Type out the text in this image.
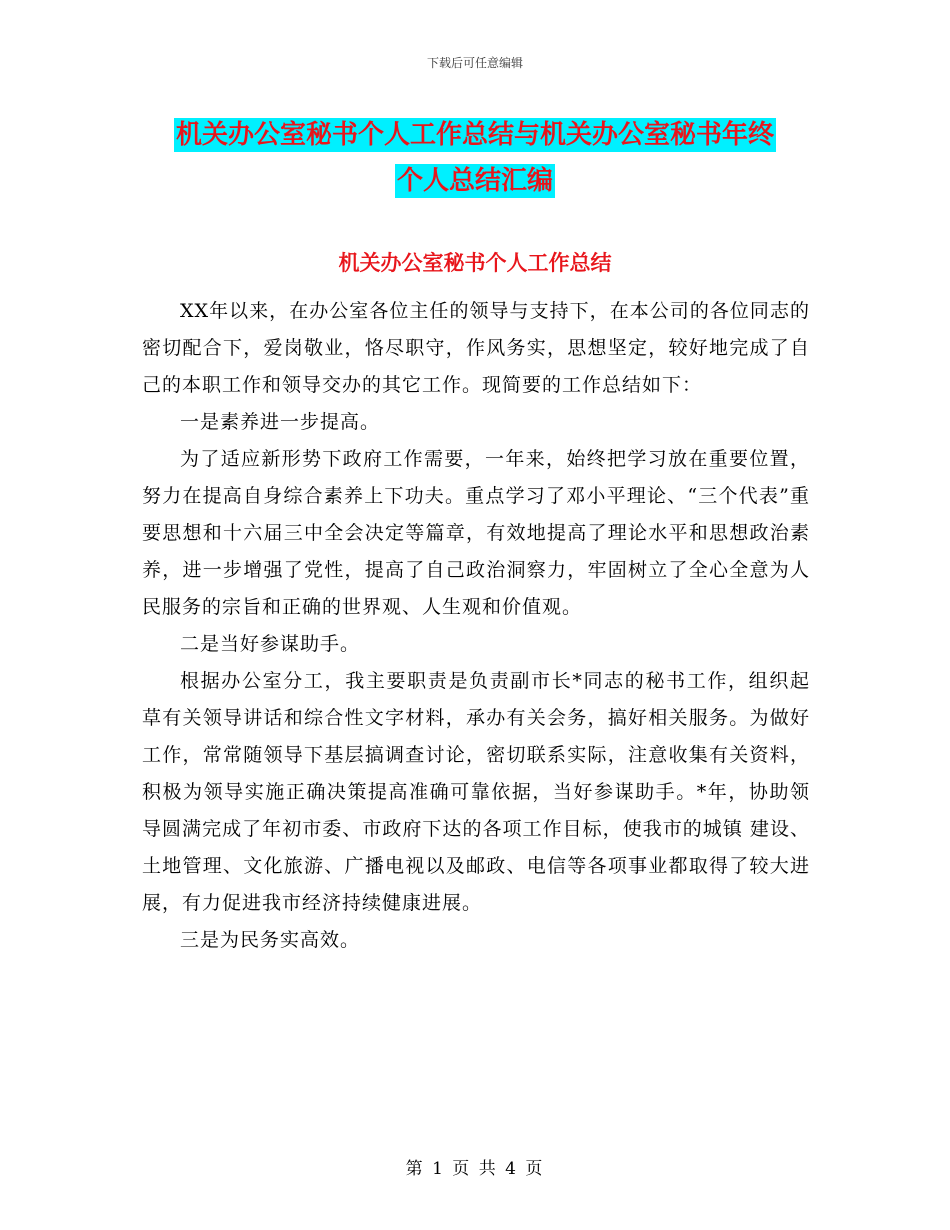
下载后可任意编辑
机关办公室秘书个人工作总结与机关办公室秘书年终
个人总结汇编
机关办公室秘书个人工作总结

XX年以来，在办公室各位主任的领导与支持下，在本公司的各位同志的密切配合下，爱岗敬业，恪尽职守，作风务实，思想坚定，较好地完成了自己的本职工作和领导交办的其它工作。现简要的工作总结如下：

一是素养进一步提高。

为了适应新形势下政府工作需要，一年来，始终把学习放在重要位置，努力在提高自身综合素养上下功夫。重点学习了邓小平理论、“三个代表”重要思想和十六届三中全会决定等篇章，有效地提高了理论水平和思想政治素养，进一步增强了党性，提高了自己政治洞察力，牢固树立了全心全意为人民服务的宗旨和正确的世界观、人生观和价值观。

二是当好参谋助手。

根据办公室分工，我主要职责是负责副市长*同志的秘书工作，组织起草有关领导讲话和综合性文字材料，承办有关会务，搞好相关服务。为做好工作，常常随领导下基层搞调查讨论，密切联系实际，注意收集有关资料，积极为领导实施正确决策提高准确可靠依据，当好参谋助手。*年，协助领导圆满完成了年初市委、市政府下达的各项工作目标，使我市的城镇 建设、土地管理、文化旅游、广播电视以及邮政、电信等各项事业都取得了较大进展，有力促进我市经济持续健康进展。

三是为民务实高效。

第 1 页 共 4 页
